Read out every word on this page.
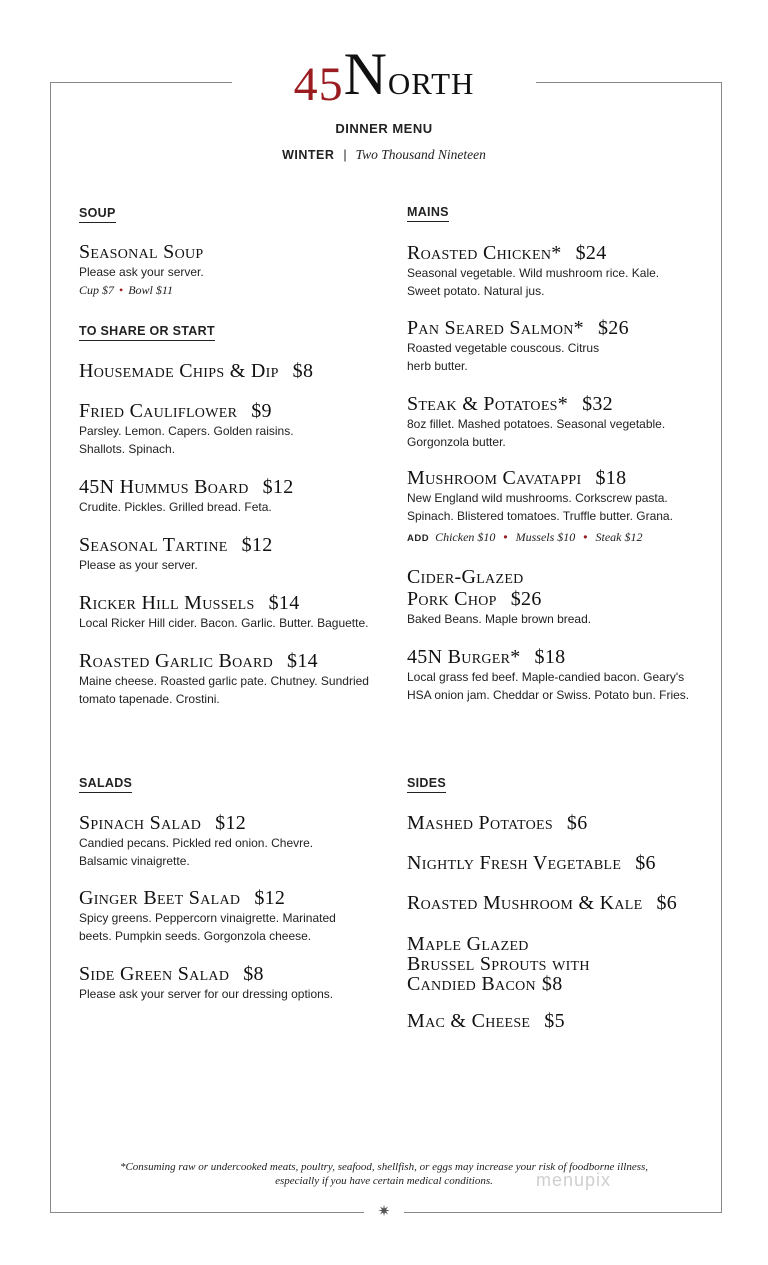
45North
DINNER MENU
WINTER | Two Thousand Nineteen
SOUP
Seasonal Soup
Please ask your server.
Cup $7 • Bowl $11
TO SHARE OR START
Housemade Chips & Dip $8
Fried Cauliflower $9
Parsley. Lemon. Capers. Golden raisins.
Shallots. Spinach.
45N Hummus Board $12
Crudite. Pickles. Grilled bread. Feta.
Seasonal Tartine $12
Please as your server.
Ricker Hill Mussels $14
Local Ricker Hill cider. Bacon. Garlic. Butter. Baguette.
Roasted Garlic Board $14
Maine cheese. Roasted garlic pate. Chutney. Sundried
tomato tapenade. Crostini.
MAINS
Roasted Chicken* $24
Seasonal vegetable. Wild mushroom rice. Kale.
Sweet potato. Natural jus.
Pan Seared Salmon* $26
Roasted vegetable couscous. Citrus
herb butter.
Steak & Potatoes* $32
8oz fillet. Mashed potatoes. Seasonal vegetable.
Gorgonzola butter.
Mushroom Cavatappi $18
New England wild mushrooms. Corkscrew pasta.
Spinach. Blistered tomatoes. Truffle butter. Grana.
ADD Chicken $10 • Mussels $10 • Steak $12
Cider-Glazed
Pork Chop $26
Baked Beans. Maple brown bread.
45N Burger* $18
Local grass fed beef. Maple-candied bacon. Geary's
HSA onion jam. Cheddar or Swiss. Potato bun. Fries.
SALADS
Spinach Salad $12
Candied pecans. Pickled red onion. Chevre.
Balsamic vinaigrette.
Ginger Beet Salad $12
Spicy greens. Peppercorn vinaigrette. Marinated
beets. Pumpkin seeds. Gorgonzola cheese.
Side Green Salad $8
Please ask your server for our dressing options.
SIDES
Mashed Potatoes $6
Nightly Fresh Vegetable $6
Roasted Mushroom & Kale $6
Maple Glazed
Brussel Sprouts with
Candied Bacon $8
Mac & Cheese $5
*Consuming raw or undercooked meats, poultry, seafood, shellfish, or eggs may increase your risk of foodborne illness,
especially if you have certain medical conditions.	menupix
✷
